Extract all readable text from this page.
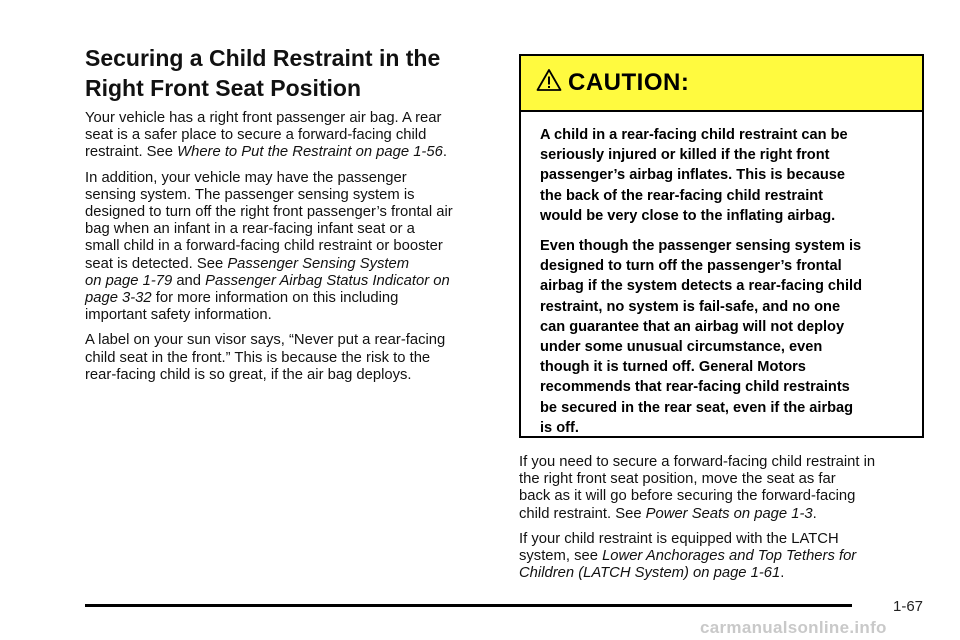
Securing a Child Restraint in the
Right Front Seat Position

Your vehicle has a right front passenger air bag. A rear
seat is a safer place to secure a forward-facing child
restraint. See Where to Put the Restraint on page 1-56.

In addition, your vehicle may have the passenger
sensing system. The passenger sensing system is
designed to turn off the right front passenger’s frontal air
bag when an infant in a rear-facing infant seat or a
small child in a forward-facing child restraint or booster
seat is detected. See Passenger Sensing System
on page 1-79 and Passenger Airbag Status Indicator on
page 3-32 for more information on this including
important safety information.

A label on your sun visor says, “Never put a rear-facing
child seat in the front.” This is because the risk to the
rear-facing child is so great, if the air bag deploys.

CAUTION:

A child in a rear-facing child restraint can be
seriously injured or killed if the right front
passenger’s airbag inflates. This is because
the back of the rear-facing child restraint
would be very close to the inflating airbag.

Even though the passenger sensing system is
designed to turn off the passenger’s frontal
airbag if the system detects a rear-facing child
restraint, no system is fail-safe, and no one
can guarantee that an airbag will not deploy
under some unusual circumstance, even
though it is turned off. General Motors
recommends that rear-facing child restraints
be secured in the rear seat, even if the airbag
is off.

If you need to secure a forward-facing child restraint in
the right front seat position, move the seat as far
back as it will go before securing the forward-facing
child restraint. See Power Seats on page 1-3.

If your child restraint is equipped with the LATCH
system, see Lower Anchorages and Top Tethers for
Children (LATCH System) on page 1-61.

1-67
carmanualsonline.info
